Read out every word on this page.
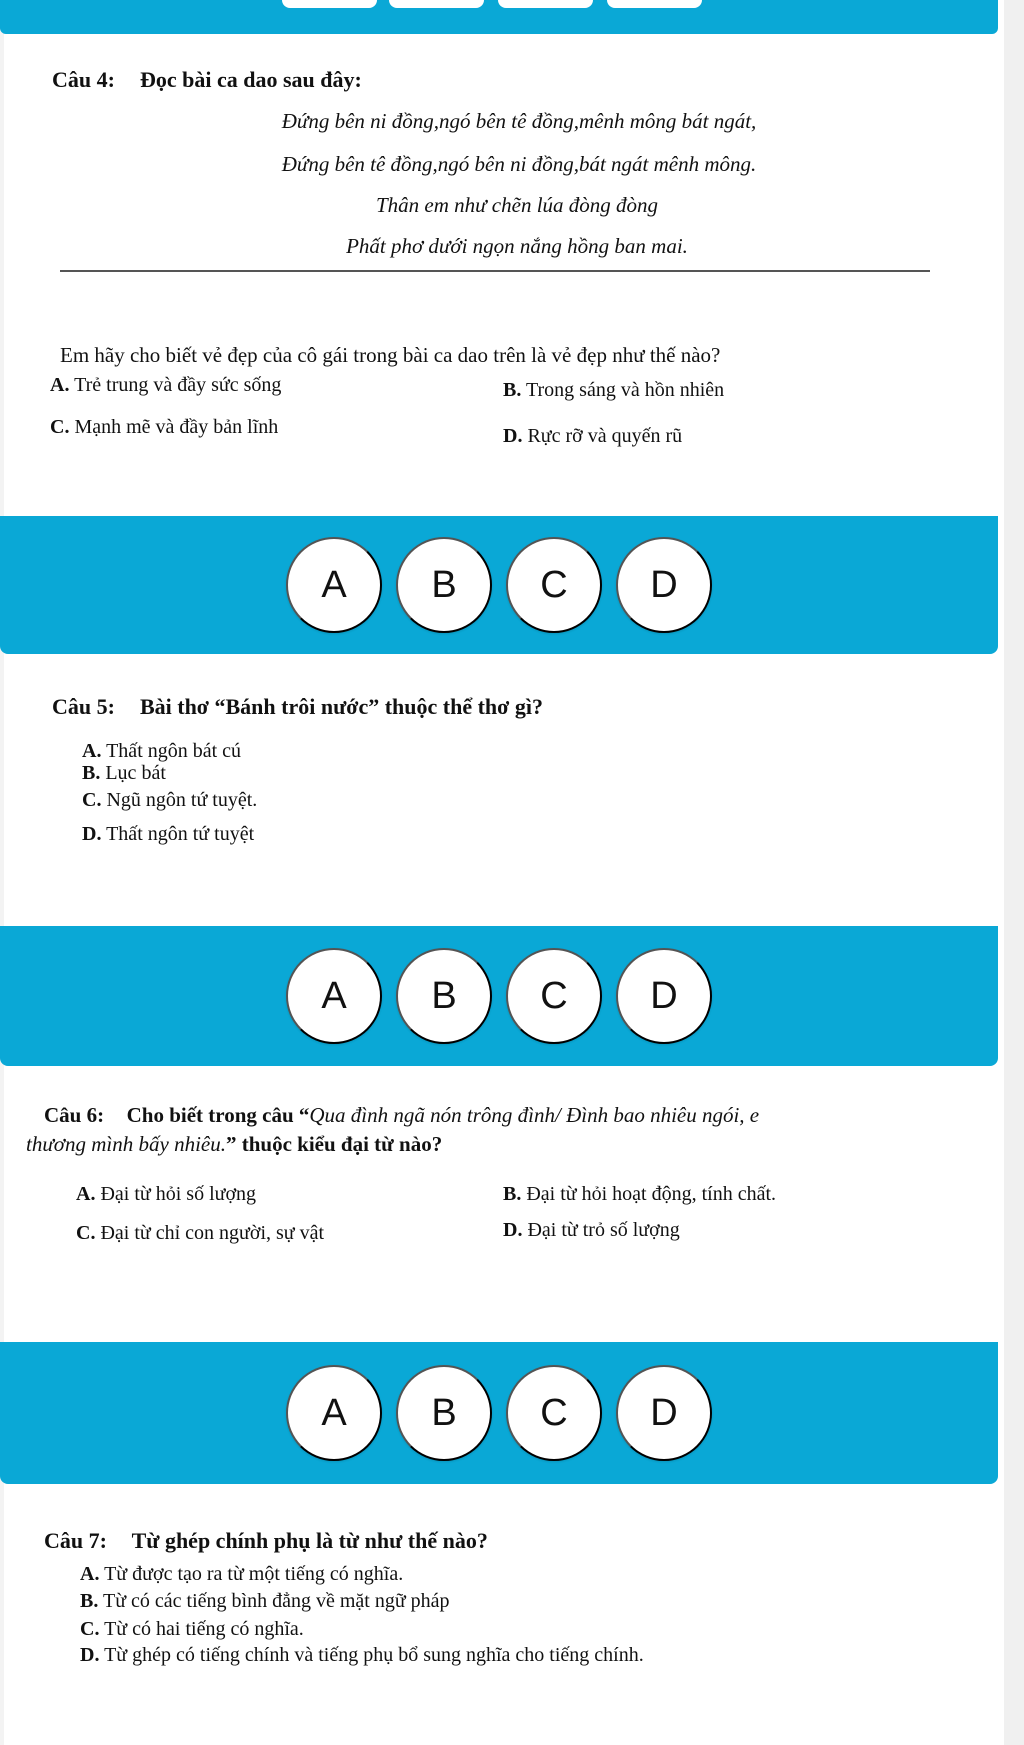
Câu 4: Đọc bài ca dao sau đây:
Đứng bên ni đồng,ngó bên tê đồng,mênh mông bát ngát,
Đứng bên tê đồng,ngó bên ni đồng,bát ngát mênh mông.
Thân em như chẽn lúa đòng đòng
Phất phơ dưới ngọn nắng hồng ban mai.
Em hãy cho biết vẻ đẹp của cô gái trong bài ca dao trên là vẻ đẹp như thế nào?
A. Trẻ trung và đầy sức sống	B. Trong sáng và hồn nhiên
C. Mạnh mẽ và đầy bản lĩnh	D. Rực rỡ và quyến rũ
A	B	C	D
Câu 5: Bài thơ “Bánh trôi nước” thuộc thể thơ gì?
A. Thất ngôn bát cú
B. Lục bát
C. Ngũ ngôn tứ tuyệt.
D. Thất ngôn tứ tuyệt
A	B	C	D
Câu 6: Cho biết trong câu “Qua đình ngã nón trông đình/ Đình bao nhiêu ngói, e
thương mình bấy nhiêu.” thuộc kiểu đại từ nào?
A. Đại từ hỏi số lượng	B. Đại từ hỏi hoạt động, tính chất.
C. Đại từ chỉ con người, sự vật	D. Đại từ trỏ số lượng
A	B	C	D
Câu 7: Từ ghép chính phụ là từ như thế nào?
A. Từ được tạo ra từ một tiếng có nghĩa.
B. Từ có các tiếng bình đẳng về mặt ngữ pháp
C. Từ có hai tiếng có nghĩa.
D. Từ ghép có tiếng chính và tiếng phụ bổ sung nghĩa cho tiếng chính.
